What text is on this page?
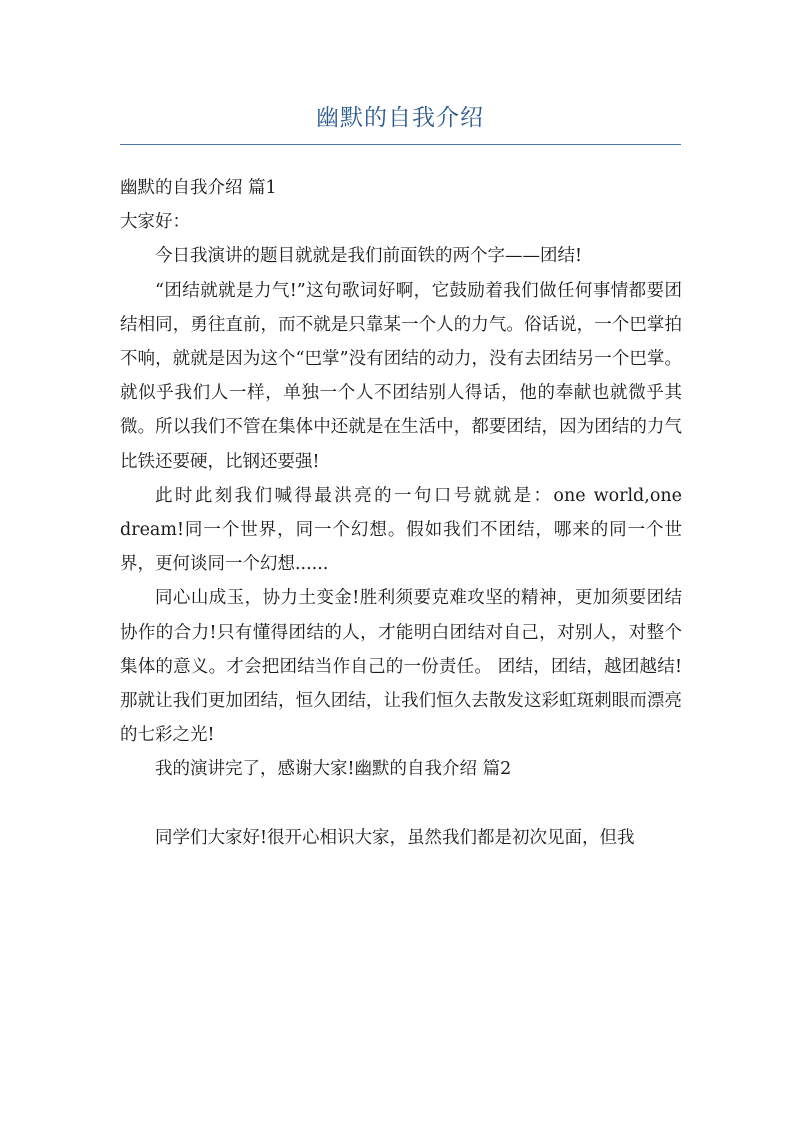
幽默的自我介绍

幽默的自我介绍 篇1

大家好：

今日我演讲的题目就就是我们前面铁的两个字——团结!

“团结就就是力气!”这句歌词好啊，它鼓励着我们做任何事情都要团结相同，勇往直前，而不就是只靠某一个人的力气。俗话说，一个巴掌拍不响，就就是因为这个“巴掌”没有团结的动力，没有去团结另一个巴掌。就似乎我们人一样，单独一个人不团结别人得话，他的奉献也就微乎其微。所以我们不管在集体中还就是在生活中，都要团结，因为团结的力气比铁还要硬，比钢还要强!

此时此刻我们喊得最洪亮的一句口号就就是：one world,one dream!同一个世界，同一个幻想。假如我们不团结，哪来的同一个世界，更何谈同一个幻想......

同心山成玉，协力土变金!胜利须要克难攻坚的精神，更加须要团结协作的合力!只有懂得团结的人，才能明白团结对自己，对别人，对整个集体的意义。才会把团结当作自己的一份责任。 团结，团结，越团越结!那就让我们更加团结，恒久团结，让我们恒久去散发这彩虹斑刺眼而漂亮的七彩之光!

我的演讲完了，感谢大家!幽默的自我介绍 篇2

同学们大家好!很开心相识大家，虽然我们都是初次见面，但我
